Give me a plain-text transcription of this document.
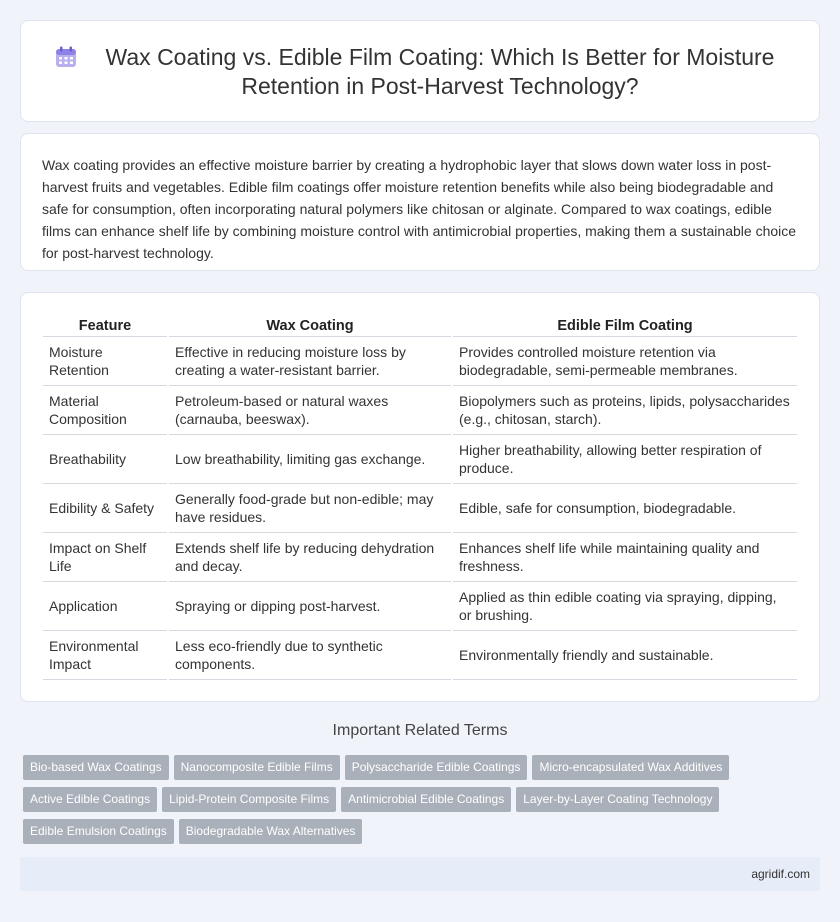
Wax Coating vs. Edible Film Coating: Which Is Better for Moisture Retention in Post-Harvest Technology?

Wax coating provides an effective moisture barrier by creating a hydrophobic layer that slows down water loss in post-harvest fruits and vegetables. Edible film coatings offer moisture retention benefits while also being biodegradable and safe for consumption, often incorporating natural polymers like chitosan or alginate. Compared to wax coatings, edible films can enhance shelf life by combining moisture control with antimicrobial properties, making them a sustainable choice for post-harvest technology.

Feature	Wax Coating	Edible Film Coating
Moisture Retention	Effective in reducing moisture loss by creating a water-resistant barrier.	Provides controlled moisture retention via biodegradable, semi-permeable membranes.
Material Composition	Petroleum-based or natural waxes (carnauba, beeswax).	Biopolymers such as proteins, lipids, polysaccharides (e.g., chitosan, starch).
Breathability	Low breathability, limiting gas exchange.	Higher breathability, allowing better respiration of produce.
Edibility & Safety	Generally food-grade but non-edible; may have residues.	Edible, safe for consumption, biodegradable.
Impact on Shelf Life	Extends shelf life by reducing dehydration and decay.	Enhances shelf life while maintaining quality and freshness.
Application	Spraying or dipping post-harvest.	Applied as thin edible coating via spraying, dipping, or brushing.
Environmental Impact	Less eco-friendly due to synthetic components.	Environmentally friendly and sustainable.
Important Related Terms
Bio-based Wax Coatings Nanocomposite Edible Films Polysaccharide Edible Coatings Micro-encapsulated Wax Additives
Active Edible Coatings Lipid-Protein Composite Films Antimicrobial Edible Coatings Layer-by-Layer Coating Technology
Edible Emulsion Coatings Biodegradable Wax Alternatives
agridif.com
